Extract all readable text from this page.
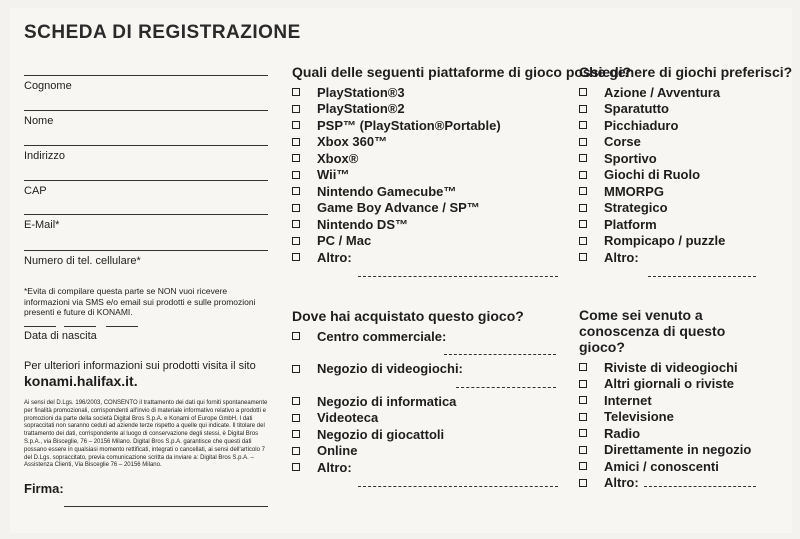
SCHEDA DI REGISTRAZIONE
Cognome
Nome
Indirizzo
CAP
E-Mail*
Numero di tel. cellulare*
*Evita di compilare questa parte se NON vuoi ricevere informazioni via SMS e/o email sui prodotti e sulle promozioni presenti e future di KONAMI.
Data di nascita
Per ulteriori informazioni sui prodotti visita il sito
konami.halifax.it.
Ai sensi del D.Lgs. 196/2003, CONSENTO il trattamento dei dati qui forniti spontaneamente per finalità promozionali, corrispondenti all'invio di materiale informativo relativo a prodotti e promozioni da parte della società Digital Bros S.p.A. e Konami of Europe GmbH. I dati sopraccitati non saranno ceduti ad aziende terze rispetto a quelle qui indicate. Il titolare del trattamento dei dati, corrispondente al luogo di conservazione degli stessi, è Digital Bros S.p.A., via Bisceglie, 76 – 20156 Milano. Digital Bros S.p.A. garantisce che questi dati possano essere in qualsiasi momento rettificati, integrati o cancellati, ai sensi dell'articolo 7 del D.Lgs. sopraccitato, previa comunicazione scritta da inviare a: Digital Bros S.p.A. – Assistenza Clienti, Via Bisceglie 76 – 20156 Milano.
Firma:
Quali delle seguenti piattaforme di gioco possiedi?
PlayStation®3
PlayStation®2
PSP™ (PlayStation®Portable)
Xbox 360™
Xbox®
Wii™
Nintendo Gamecube™
Game Boy Advance / SP™
Nintendo DS™
PC / Mac
Altro:
Che genere di giochi preferisci?
Azione / Avventura
Sparatutto
Picchiaduro
Corse
Sportivo
Giochi di Ruolo
MMORPG
Strategico
Platform
Rompicapo / puzzle
Altro:
Dove hai acquistato questo gioco?
Centro commerciale:
Negozio di videogiochi:
Negozio di informatica
Videoteca
Negozio di giocattoli
Online
Altro:
Come sei venuto a conoscenza di questo gioco?
Riviste di videogiochi
Altri giornali o riviste
Internet
Televisione
Radio
Direttamente in negozio
Amici / conoscenti
Altro:
